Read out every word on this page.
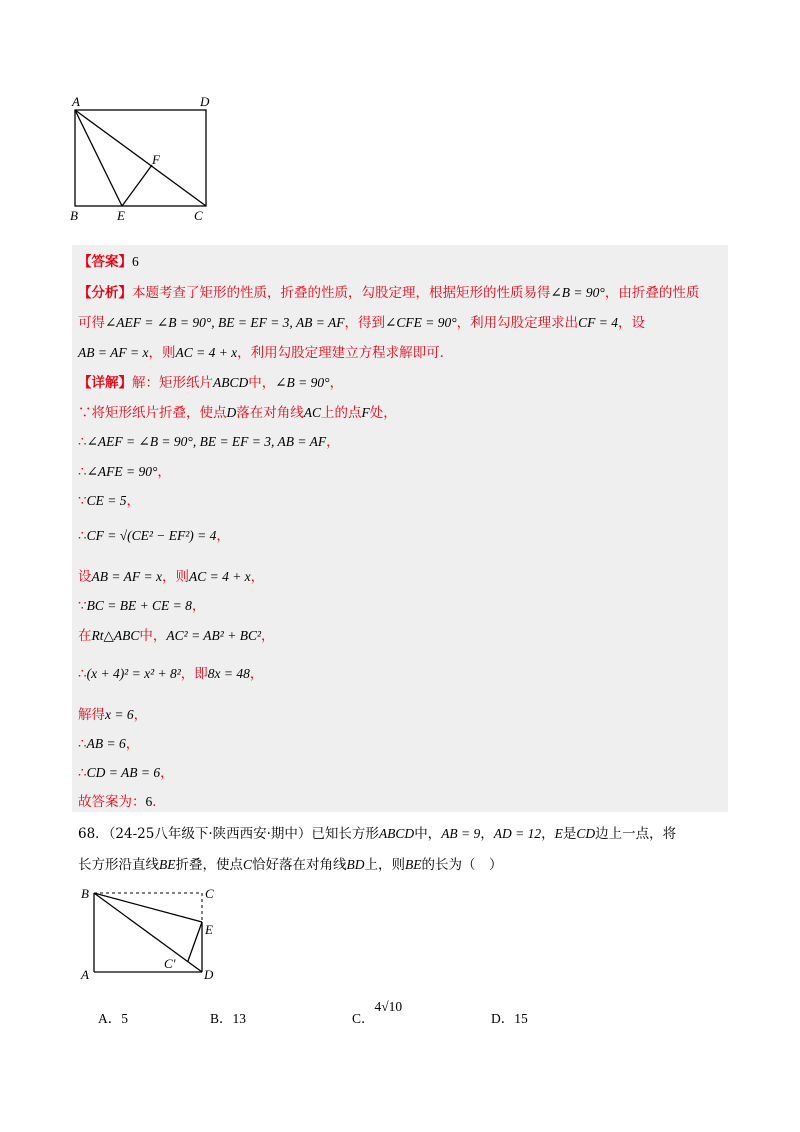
A	D
F
B	E	C
【答案】6
【分析】本题考查了矩形的性质，折叠的性质，勾股定理，根据矩形的性质易得∠B = 90°，由折叠的性质
可得∠AEF = ∠B = 90°, BE = EF = 3, AB = AF，得到∠CFE = 90°，利用勾股定理求出CF = 4，设
AB = AF = x，则AC = 4 + x，利用勾股定理建立方程求解即可．
【详解】解：矩形纸片ABCD中，∠B = 90°，
∵将矩形纸片折叠，使点D落在对角线AC上的点F处，
∴∠AEF = ∠B = 90°, BE = EF = 3, AB = AF，
∴∠AFE = 90°，
∵CE = 5，
∴CF = √(CE² − EF²) = 4，
设AB = AF = x，则AC = 4 + x，
∵BC = BE + CE = 8，
在Rt△ABC中，AC² = AB² + BC²，
∴(x + 4)² = x² + 8²，即8x = 48，
解得x = 6，
∴AB = 6，
∴CD = AB = 6，
故答案为：6．
68．（24-25八年级下·陕西西安·期中）已知长方形ABCD中，AB = 9，AD = 12，E是CD边上一点，将
长方形沿直线BE折叠，使点C恰好落在对角线BD上，则BE的长为（　）
B	C
E
C′
A	D
A．5	B．13	C．4√10
D．15
